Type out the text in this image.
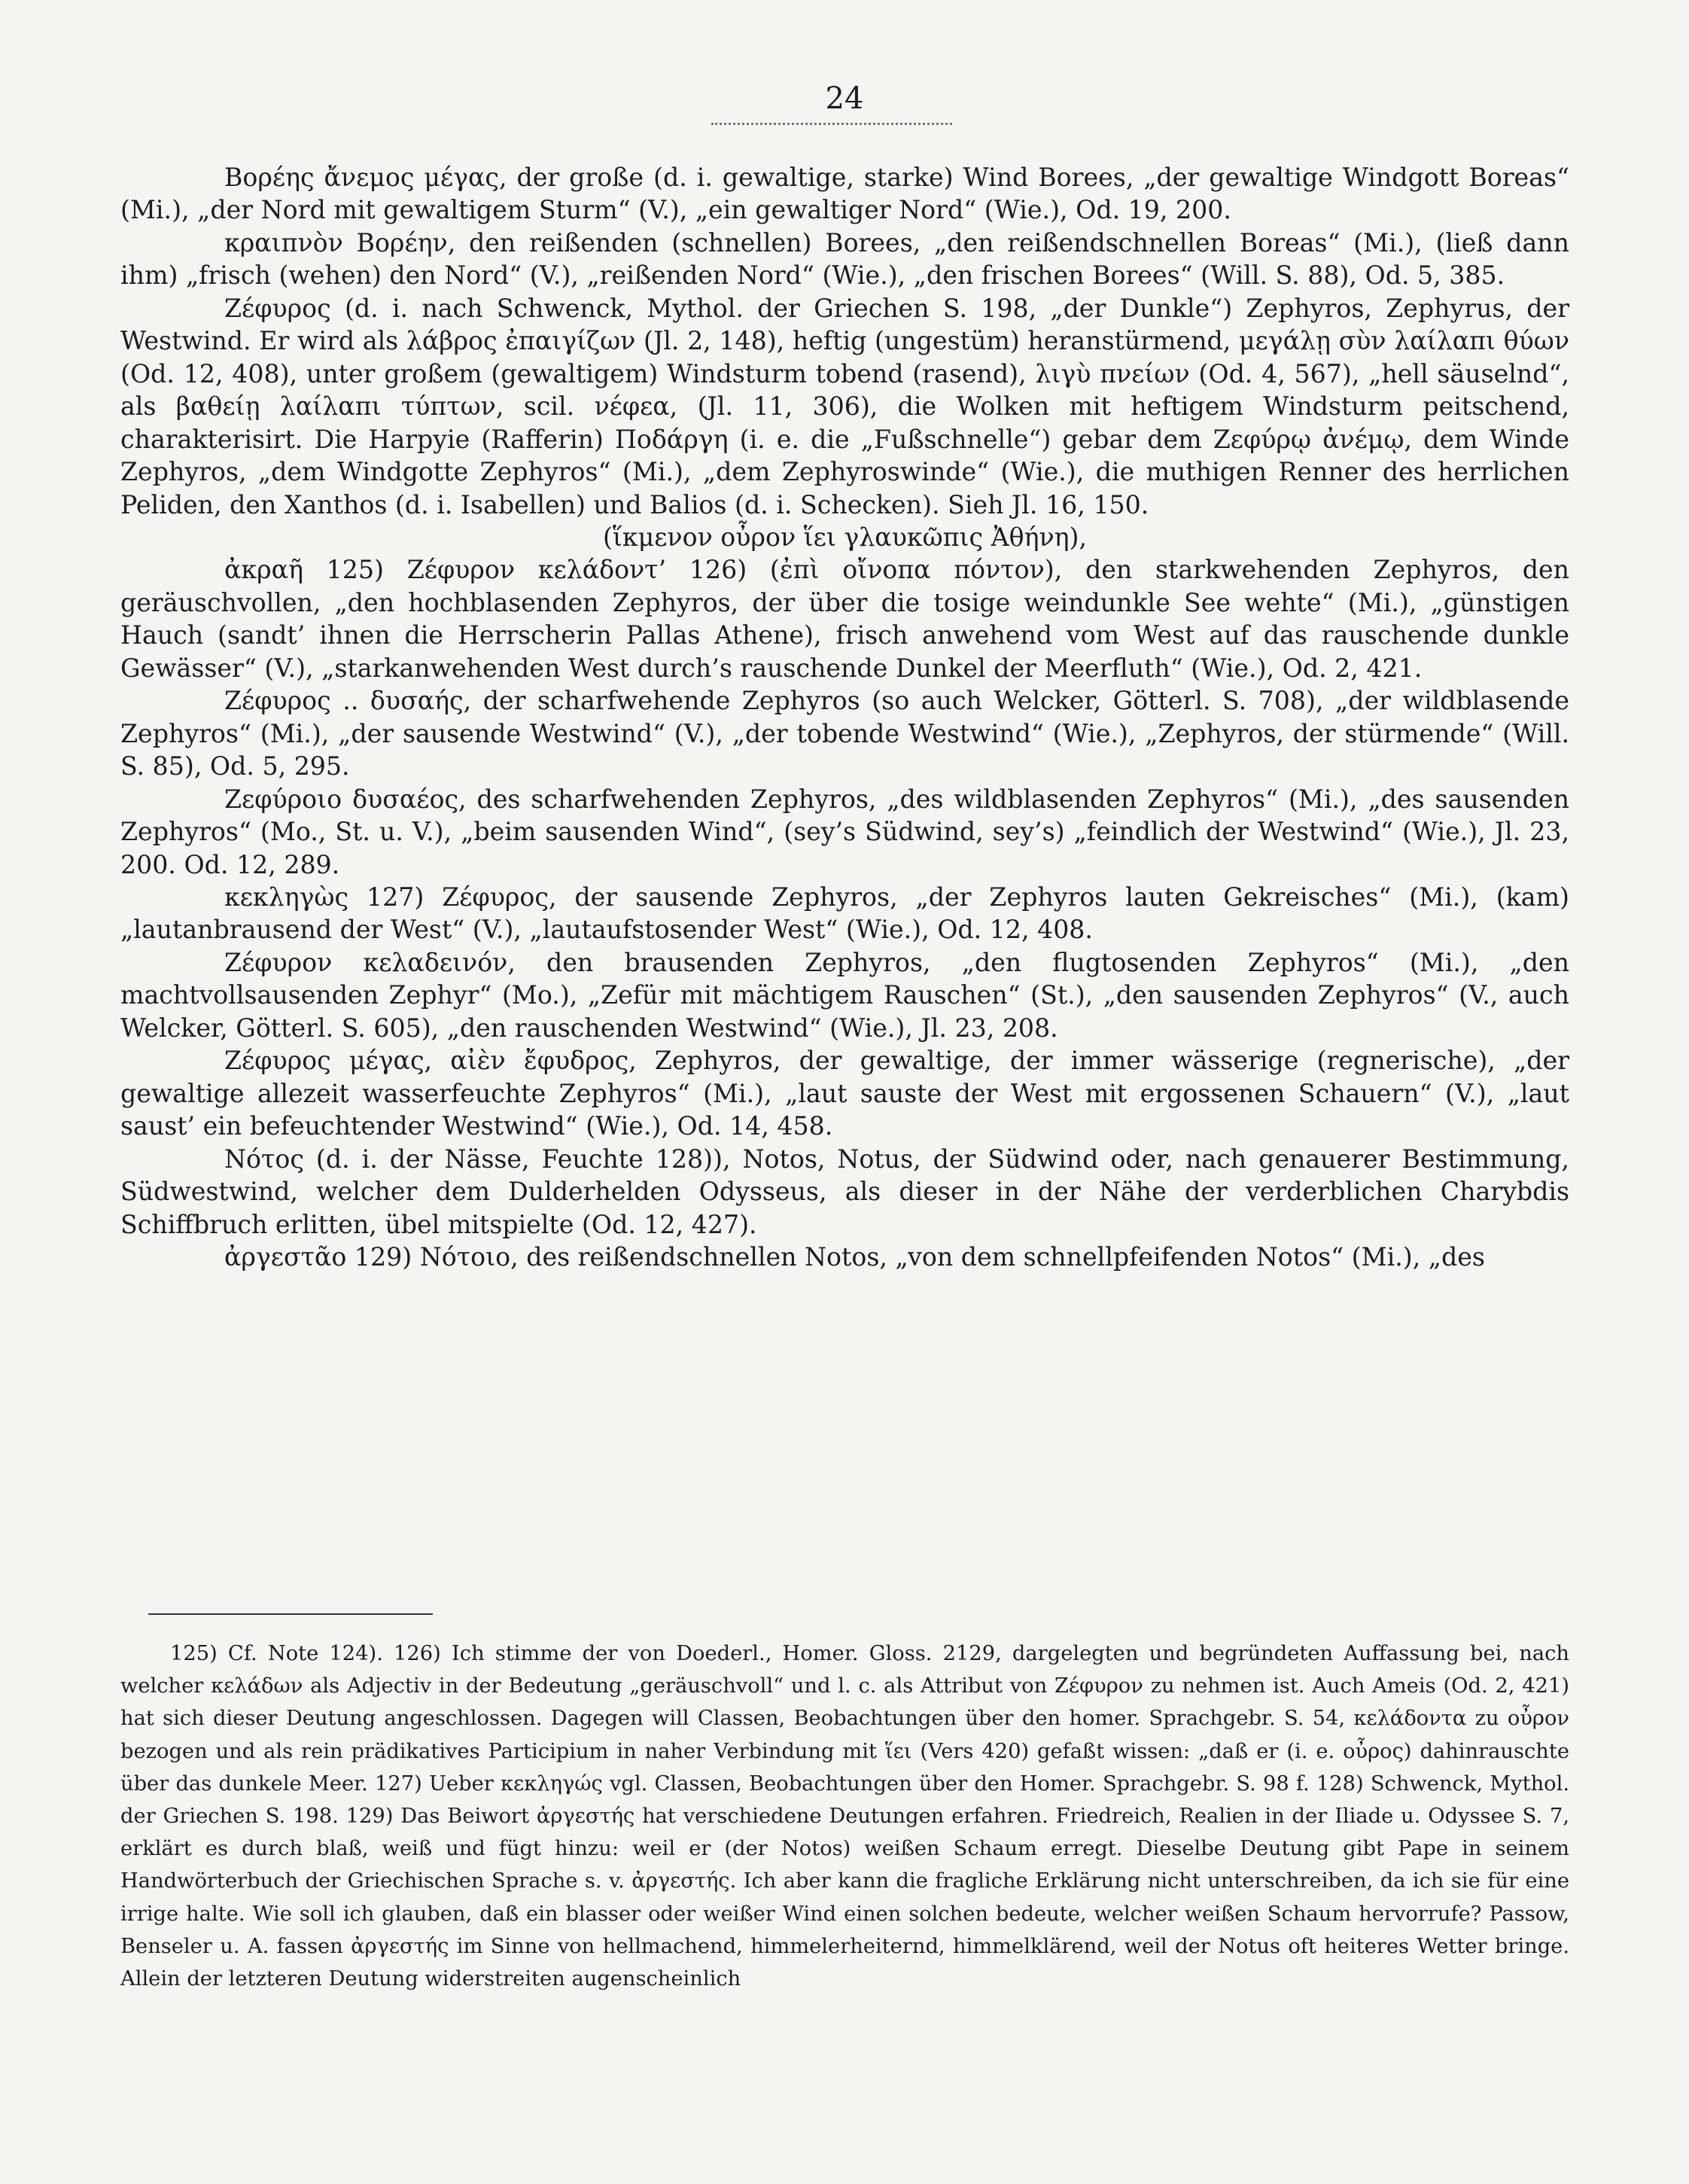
24

Βορέης ἄνεμος μέγας, der große (d. i. gewaltige, starke) Wind Borees, „der gewaltige Windgott Boreas“ (Mi.), „der Nord mit gewaltigem Sturm“ (V.), „ein gewaltiger Nord“ (Wie.), Od. 19, 200.

κραιπνὸν Βορέην, den reißenden (schnellen) Borees, „den reißendschnellen Boreas“ (Mi.), (ließ dann ihm) „frisch (wehen) den Nord“ (V.), „reißenden Nord“ (Wie.), „den frischen Borees“ (Will. S. 88), Od. 5, 385.

Ζέφυρος (d. i. nach Schwenck, Mythol. der Griechen S. 198, „der Dunkle“) Zephyros, Zephyrus, der Westwind. Er wird als λάβρος ἐπαιγίζων (Jl. 2, 148), heftig (ungestüm) heranstürmend, μεγάλῃ σὺν λαίλαπι θύων (Od. 12, 408), unter großem (gewaltigem) Windsturm tobend (rasend), λιγὺ πνείων (Od. 4, 567), „hell säuselnd“, als βαθείῃ λαίλαπι τύπτων, scil. νέφεα, (Jl. 11, 306), die Wolken mit heftigem Windsturm peitschend, charakterisirt. Die Harpyie (Rafferin) Ποδάργη (i. e. die „Fußschnelle“) gebar dem Ζεφύρῳ ἀνέμῳ, dem Winde Zephyros, „dem Windgotte Zephyros“ (Mi.), „dem Zephyroswinde“ (Wie.), die muthigen Renner des herrlichen Peliden, den Xanthos (d. i. Isabellen) und Balios (d. i. Schecken). Sieh Jl. 16, 150.

(ἵκμενον οὖρον ἵει γλαυκῶπις Ἀθήνη),

ἀκραῆ 125) Ζέφυρον κελάδοντ’ 126) (ἐπὶ οἴνοπα πόντον), den starkwehenden Zephyros, den geräuschvollen, „den hochblasenden Zephyros, der über die tosige weindunkle See wehte“ (Mi.), „günstigen Hauch (sandt’ ihnen die Herrscherin Pallas Athene), frisch anwehend vom West auf das rauschende dunkle Gewässer“ (V.), „starkanwehenden West durch’s rauschende Dunkel der Meerfluth“ (Wie.), Od. 2, 421.

Ζέφυρος .. δυσαής, der scharfwehende Zephyros (so auch Welcker, Götterl. S. 708), „der wildblasende Zephyros“ (Mi.), „der sausende Westwind“ (V.), „der tobende Westwind“ (Wie.), „Zephyros, der stürmende“ (Will. S. 85), Od. 5, 295.

Ζεφύροιο δυσαέος, des scharfwehenden Zephyros, „des wildblasenden Zephyros“ (Mi.), „des sausenden Zephyros“ (Mo., St. u. V.), „beim sausenden Wind“, (sey’s Südwind, sey’s) „feindlich der Westwind“ (Wie.), Jl. 23, 200. Od. 12, 289.

κεκληγὼς 127) Ζέφυρος, der sausende Zephyros, „der Zephyros lauten Gekreisches“ (Mi.), (kam) „lautanbrausend der West“ (V.), „lautaufstosender West“ (Wie.), Od. 12, 408.

Ζέφυρον κελαδεινόν, den brausenden Zephyros, „den flugtosenden Zephyros“ (Mi.), „den machtvollsausenden Zephyr“ (Mo.), „Zefür mit mächtigem Rauschen“ (St.), „den sausenden Zephyros“ (V., auch Welcker, Götterl. S. 605), „den rauschenden Westwind“ (Wie.), Jl. 23, 208.

Ζέφυρος μέγας, αἰὲν ἔφυδρος, Zephyros, der gewaltige, der immer wässerige (regnerische), „der gewaltige allezeit wasserfeuchte Zephyros“ (Mi.), „laut sauste der West mit ergossenen Schauern“ (V.), „laut saust’ ein befeuchtender Westwind“ (Wie.), Od. 14, 458.

Νότος (d. i. der Nässe, Feuchte 128)), Notos, Notus, der Südwind oder, nach genauerer Bestimmung, Südwestwind, welcher dem Dulderhelden Odysseus, als dieser in der Nähe der verderblichen Charybdis Schiffbruch erlitten, übel mitspielte (Od. 12, 427).

ἀργεστᾶο 129) Νότοιο, des reißendschnellen Notos, „von dem schnellpfeifenden Notos“ (Mi.), „des

125) Cf. Note 124). 126) Ich stimme der von Doederl., Homer. Gloss. 2129, dargelegten und begründeten Auffassung bei, nach welcher κελάδων als Adjectiv in der Bedeutung „geräuschvoll“ und l. c. als Attribut von Ζέφυρον zu nehmen ist. Auch Ameis (Od. 2, 421) hat sich dieser Deutung angeschlossen. Dagegen will Classen, Beobachtungen über den homer. Sprachgebr. S. 54, κελάδοντα zu οὖρον bezogen und als rein prädikatives Participium in naher Verbindung mit ἵει (Vers 420) gefaßt wissen: „daß er (i. e. οὖρος) dahinrauschte über das dunkele Meer. 127) Ueber κεκληγώς vgl. Classen, Beobachtungen über den Homer. Sprachgebr. S. 98 f. 128) Schwenck, Mythol. der Griechen S. 198. 129) Das Beiwort ἀργεστής hat verschiedene Deutungen erfahren. Friedreich, Realien in der Iliade u. Odyssee S. 7, erklärt es durch blaß, weiß und fügt hinzu: weil er (der Notos) weißen Schaum erregt. Dieselbe Deutung gibt Pape in seinem Handwörterbuch der Griechischen Sprache s. v. ἀργεστής. Ich aber kann die fragliche Erklärung nicht unterschreiben, da ich sie für eine irrige halte. Wie soll ich glauben, daß ein blasser oder weißer Wind einen solchen bedeute, welcher weißen Schaum hervorrufe? Passow, Benseler u. A. fassen ἀργεστής im Sinne von hellmachend, himmelerheiternd, himmelklärend, weil der Notus oft heiteres Wetter bringe. Allein der letzteren Deutung widerstreiten augenscheinlich
